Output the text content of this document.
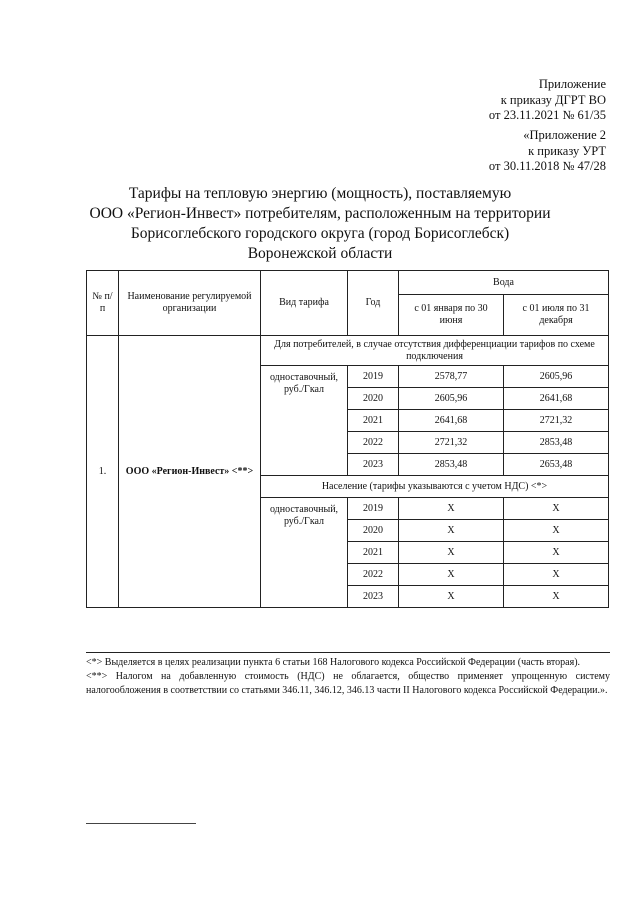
Приложение
к приказу ДГРТ ВО
от 23.11.2021 № 61/35
«Приложение 2
к приказу УРТ
от 30.11.2018 № 47/28
Тарифы на тепловую энергию (мощность), поставляемую
ООО «Регион-Инвест» потребителям, расположенным на территории
Борисоглебского городского округа (город Борисоглебск)
Воронежской области
№ п/п	Наименование регулируемой организации	Вид тарифа	Год	Вода	
				с 01 января по 30 июня	с 01 июля по 31 декабря
1.	ООО «Регион-Инвест» <**>	Для потребителей, в случае отсутствия дифференциации тарифов по схеме подключения			
		одноставочный, руб./Гкал	2019	2578,77	2605,96
			2020	2605,96	2641,68
			2021	2641,68	2721,32
			2022	2721,32	2853,48
			2023	2853,48	2653,48
		Население (тарифы указываются с учетом НДС) <*>			
		одноставочный, руб./Гкал	2019	Х	Х
			2020	Х	Х
			2021	Х	Х
			2022	Х	Х
			2023	Х	Х

<*> Выделяется в целях реализации пункта 6 статьи 168 Налогового кодекса Российской Федерации (часть вторая).

<**> Налогом на добавленную стоимость (НДС) не облагается, общество применяет упрощенную систему налогообложения в соответствии со статьями 346.11, 346.12, 346.13 части II Налогового кодекса Российской Федерации.».
